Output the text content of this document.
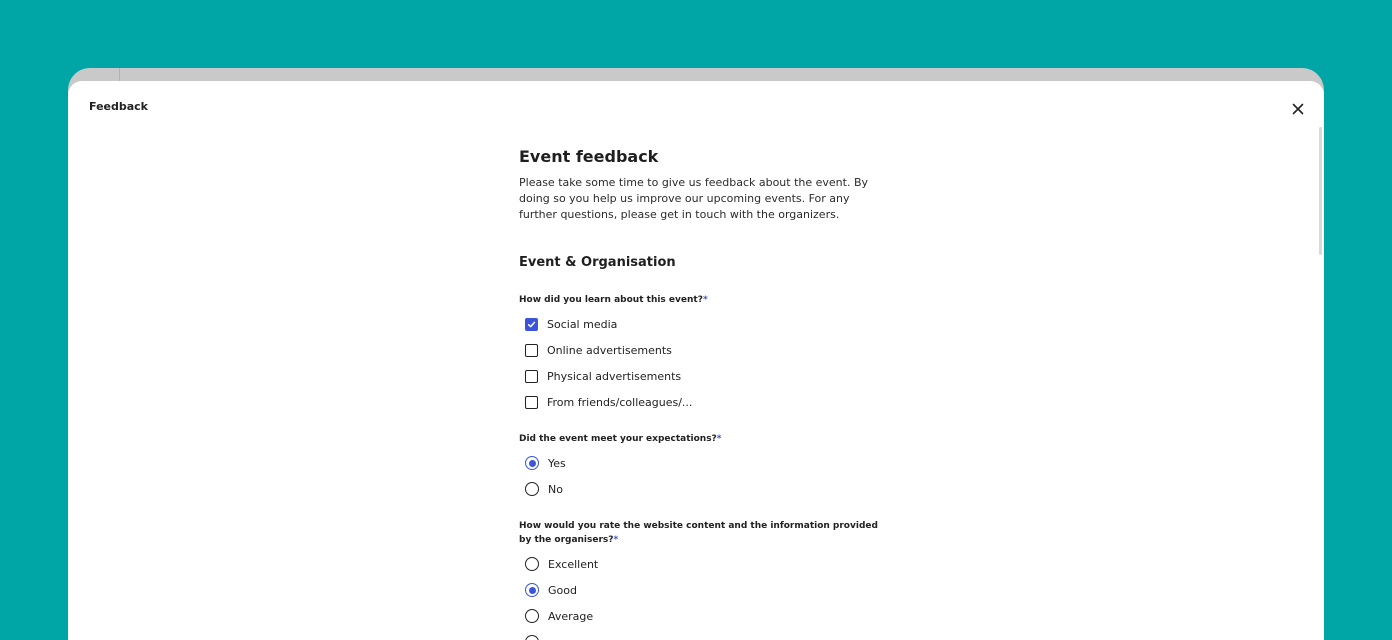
Feedback
Event feedback
Please take some time to give us feedback about the event. By doing so you help us improve our upcoming events. For any further questions, please get in touch with the organizers.
Event & Organisation
How did you learn about this event?*
Social media
Online advertisements
Physical advertisements
From friends/colleagues/...
Did the event meet your expectations?*
Yes
No
How would you rate the website content and the information provided by the organisers?*
Excellent
Good
Average
